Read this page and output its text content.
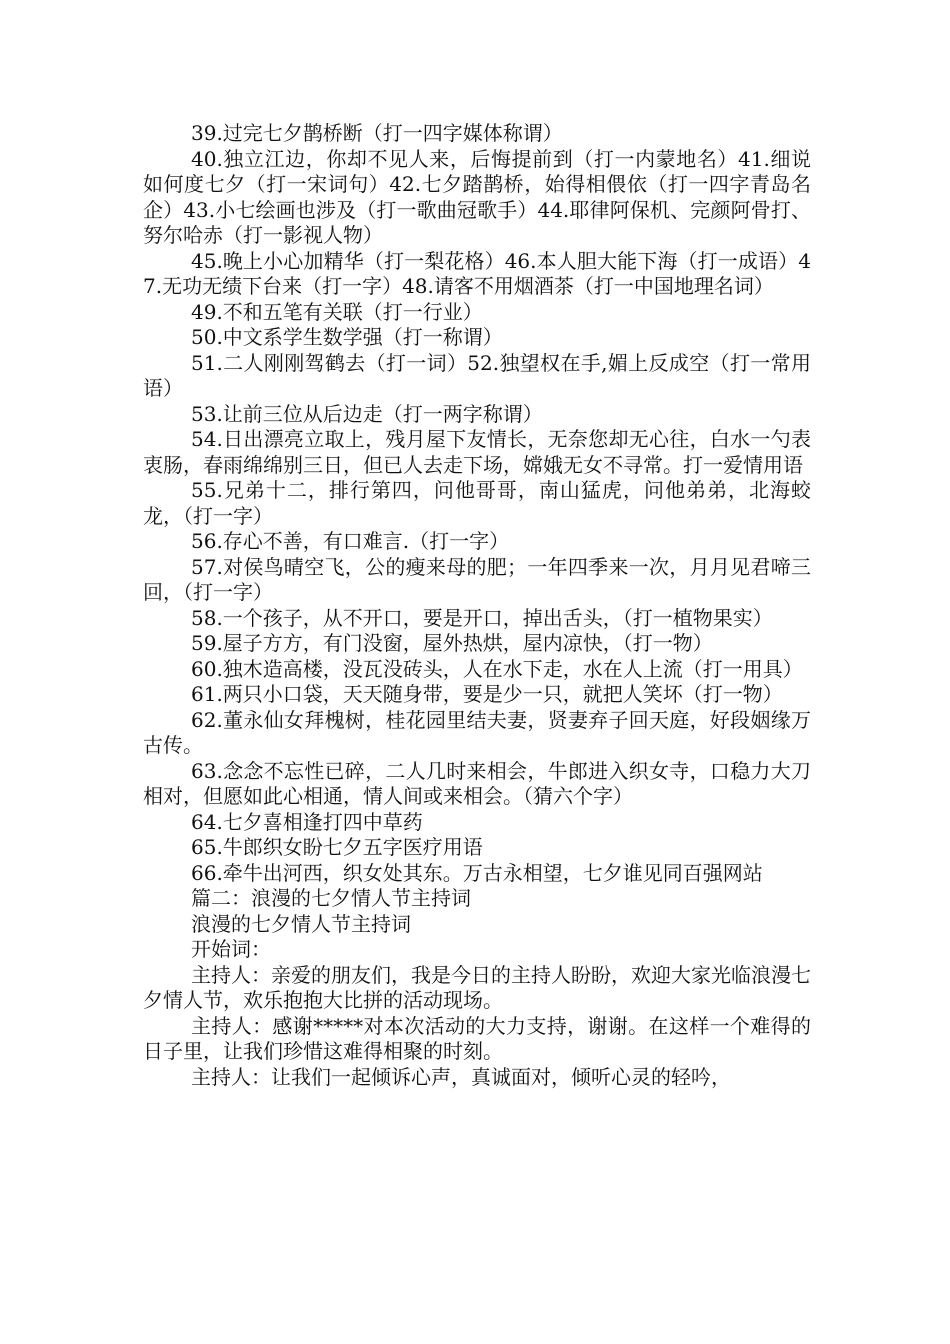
39.过完七夕鹊桥断（打一四字媒体称谓）

40.独立江边，你却不见人来，后悔提前到（打一内蒙地名）41.细说如何度七夕（打一宋词句）42.七夕踏鹊桥，始得相偎依（打一四字青岛名企）43.小七绘画也涉及（打一歌曲冠歌手）44.耶律阿保机、完颜阿骨打、努尔哈赤（打一影视人物）

45.晚上小心加精华（打一梨花格）46.本人胆大能下海（打一成语）47.无功无绩下台来（打一字）48.请客不用烟酒茶（打一中国地理名词）

49.不和五笔有关联（打一行业）

50.中文系学生数学强（打一称谓）

51.二人刚刚驾鹤去（打一词）52.独望权在手,媚上反成空（打一常用语）

53.让前三位从后边走（打一两字称谓）

54.日出漂亮立取上，残月屋下友情长，无奈您却无心往，白水一勺表衷肠，春雨绵绵别三日，但已人去走下场，嫦娥无女不寻常。打一爱情用语

55.兄弟十二，排行第四，问他哥哥，南山猛虎，问他弟弟，北海蛟龙，（打一字）

56.存心不善，有口难言.（打一字）

57.对侯鸟晴空飞，公的瘦来母的肥；一年四季来一次，月月见君啼三回，（打一字）

58.一个孩子，从不开口，要是开口，掉出舌头，（打一植物果实）

59.屋子方方，有门没窗，屋外热烘，屋内凉快，（打一物）

60.独木造高楼，没瓦没砖头，人在水下走，水在人上流（打一用具）

61.两只小口袋，天天随身带，要是少一只，就把人笑坏（打一物）

62.董永仙女拜槐树，桂花园里结夫妻，贤妻弃子回天庭，好段姻缘万古传。

63.念念不忘性已碎，二人几时来相会，牛郎进入织女寺，口稳力大刀相对，但愿如此心相通，情人间或来相会。（猜六个字）

64.七夕喜相逢打四中草药

65.牛郎织女盼七夕五字医疗用语

66.牵牛出河西，织女处其东。万古永相望，七夕谁见同百强网站

篇二：浪漫的七夕情人节主持词

浪漫的七夕情人节主持词

开始词：

主持人：亲爱的朋友们，我是今日的主持人盼盼，欢迎大家光临浪漫七夕情人节，欢乐抱抱大比拼的活动现场。

主持人：感谢*****对本次活动的大力支持，谢谢。在这样一个难得的日子里，让我们珍惜这难得相聚的时刻。

主持人：让我们一起倾诉心声，真诚面对，倾听心灵的轻吟，
